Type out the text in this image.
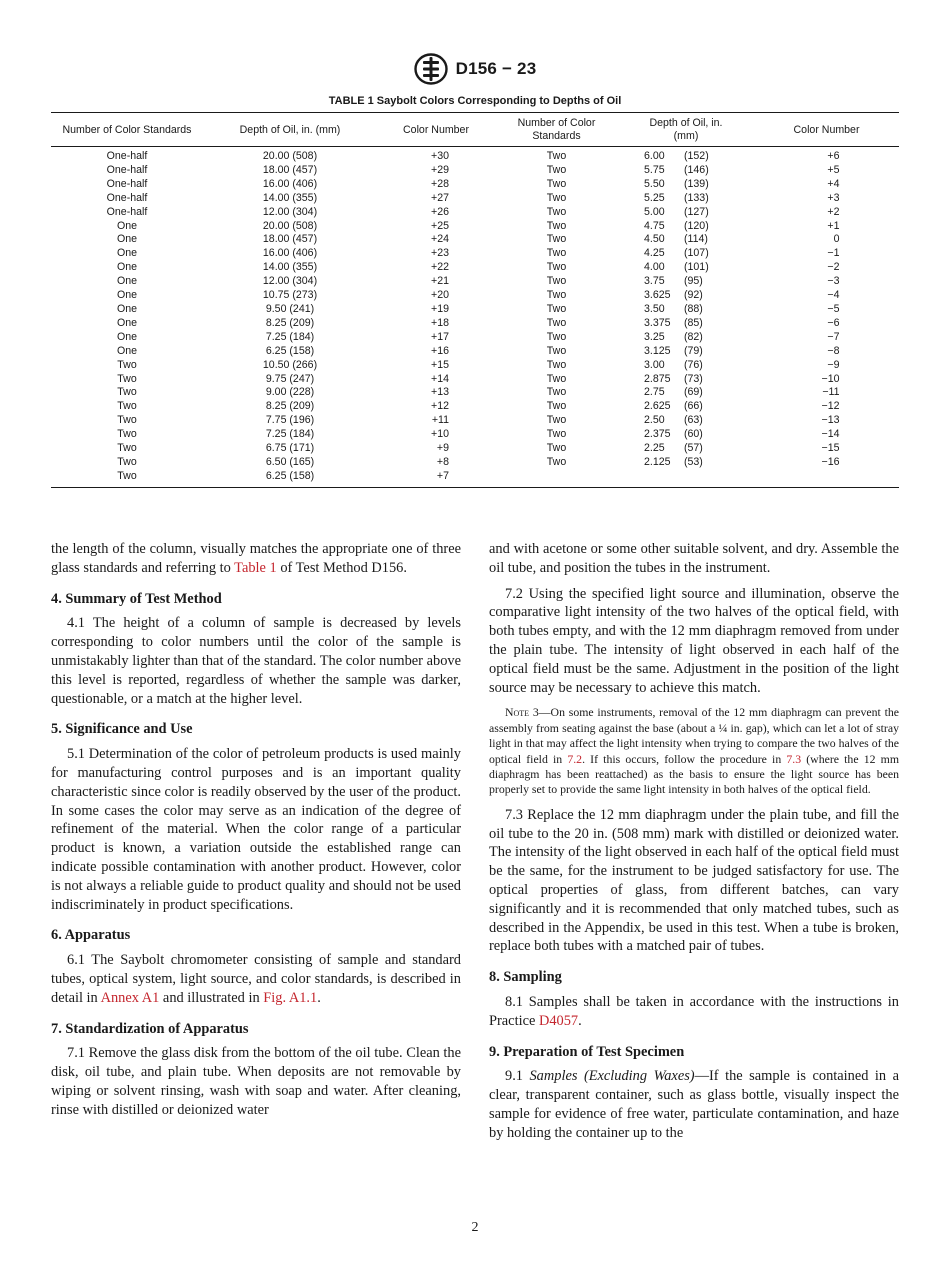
D156 − 23
TABLE 1 Saybolt Colors Corresponding to Depths of Oil
Number of Color Standards	Depth of Oil, in. (mm)	Color Number	Number of Color Standards	Depth of Oil, in. (mm)		Color Number
One-half	20.00 (508)	+30	Two	6.00	(152)	+6
One-half	18.00 (457)	+29	Two	5.75	(146)	+5
One-half	16.00 (406)	+28	Two	5.50	(139)	+4
One-half	14.00 (355)	+27	Two	5.25	(133)	+3
One-half	12.00 (304)	+26	Two	5.00	(127)	+2
One	20.00 (508)	+25	Two	4.75	(120)	+1
One	18.00 (457)	+24	Two	4.50	(114)	0
One	16.00 (406)	+23	Two	4.25	(107)	−1
One	14.00 (355)	+22	Two	4.00	(101)	−2
One	12.00 (304)	+21	Two	3.75	(95)	−3
One	10.75 (273)	+20	Two	3.625	(92)	−4
One	9.50 (241)	+19	Two	3.50	(88)	−5
One	8.25 (209)	+18	Two	3.375	(85)	−6
One	7.25 (184)	+17	Two	3.25	(82)	−7
One	6.25 (158)	+16	Two	3.125	(79)	−8
Two	10.50 (266)	+15	Two	3.00	(76)	−9
Two	9.75 (247)	+14	Two	2.875	(73)	−10
Two	9.00 (228)	+13	Two	2.75	(69)	−11
Two	8.25 (209)	+12	Two	2.625	(66)	−12
Two	7.75 (196)	+11	Two	2.50	(63)	−13
Two	7.25 (184)	+10	Two	2.375	(60)	−14
Two	6.75 (171)	+9	Two	2.25	(57)	−15
Two	6.50 (165)	+8	Two	2.125	(53)	−16
Two	6.25 (158)	+7				

the length of the column, visually matches the appropriate one of three glass standards and referring to Table 1 of Test Method D156.

4. Summary of Test Method

4.1 The height of a column of sample is decreased by levels corresponding to color numbers until the color of the sample is unmistakably lighter than that of the standard. The color number above this level is reported, regardless of whether the sample was darker, questionable, or a match at the higher level.

5. Significance and Use

5.1 Determination of the color of petroleum products is used mainly for manufacturing control purposes and is an important quality characteristic since color is readily observed by the user of the product. In some cases the color may serve as an indication of the degree of refinement of the material. When the color range of a particular product is known, a variation outside the established range can indicate possible contamination with another product. However, color is not always a reliable guide to product quality and should not be used indiscriminately in product specifications.

6. Apparatus

6.1 The Saybolt chromometer consisting of sample and standard tubes, optical system, light source, and color standards, is described in detail in Annex A1 and illustrated in Fig. A1.1.

7. Standardization of Apparatus

7.1 Remove the glass disk from the bottom of the oil tube. Clean the disk, oil tube, and plain tube. When deposits are not removable by wiping or solvent rinsing, wash with soap and water. After cleaning, rinse with distilled or deionized water

and with acetone or some other suitable solvent, and dry. Assemble the oil tube, and position the tubes in the instrument.

7.2 Using the specified light source and illumination, observe the comparative light intensity of the two halves of the optical field, with both tubes empty, and with the 12 mm diaphragm removed from under the plain tube. The intensity of light observed in each half of the optical field must be the same. Adjustment in the position of the light source may be necessary to achieve this match.

Note 3—On some instruments, removal of the 12 mm diaphragm can prevent the assembly from seating against the base (about a ¼ in. gap), which can let a lot of stray light in that may affect the light intensity when trying to compare the two halves of the optical field in 7.2. If this occurs, follow the procedure in 7.3 (where the 12 mm diaphragm has been reattached) as the basis to ensure the light source has been properly set to provide the same light intensity in both halves of the optical field.

7.3 Replace the 12 mm diaphragm under the plain tube, and fill the oil tube to the 20 in. (508 mm) mark with distilled or deionized water. The intensity of the light observed in each half of the optical field must be the same, for the instrument to be judged satisfactory for use. The optical properties of glass, from different batches, can vary significantly and it is recommended that only matched tubes, such as described in the Appendix, be used in this test. When a tube is broken, replace both tubes with a matched pair of tubes.

8. Sampling

8.1 Samples shall be taken in accordance with the instructions in Practice D4057.

9. Preparation of Test Specimen

9.1 Samples (Excluding Waxes)—If the sample is contained in a clear, transparent container, such as glass bottle, visually inspect the sample for evidence of free water, particulate contamination, and haze by holding the container up to the

2
